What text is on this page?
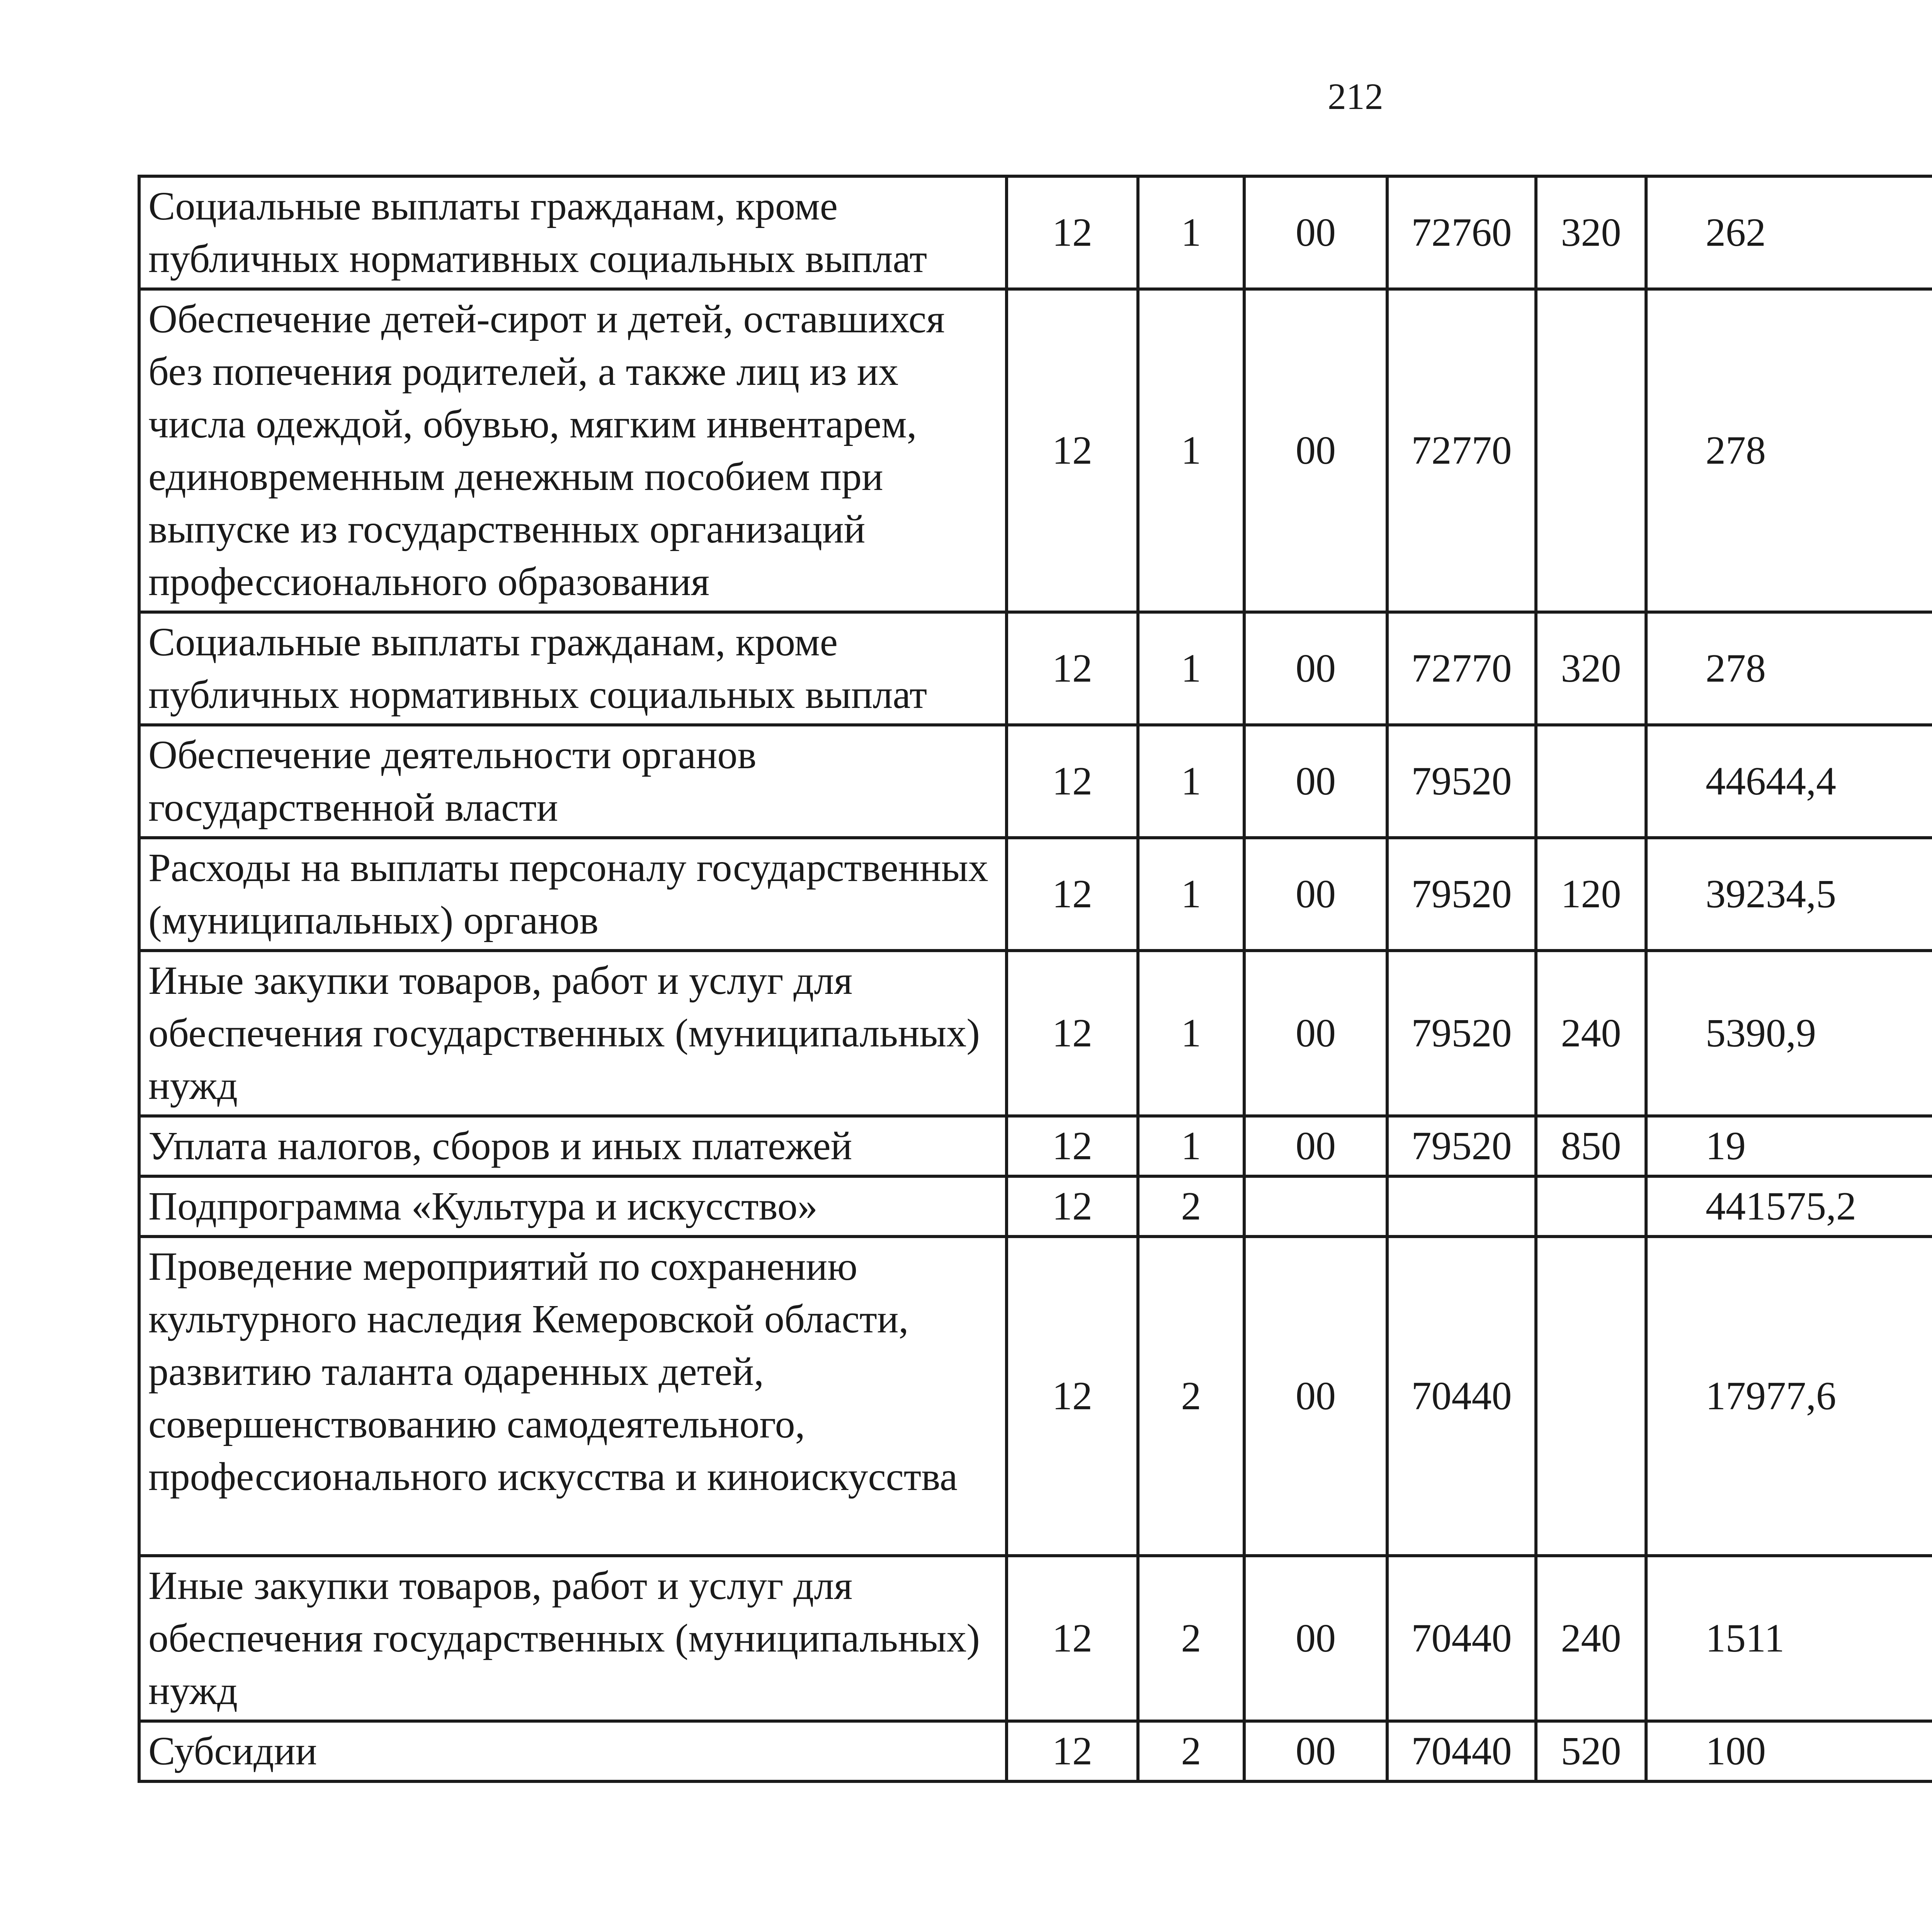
212
Социальные выплаты гражданам, кроме публичных нормативных социальных выплат	12	1	00	72760	320	262		
Обеспечение детей-сирот и детей, оставшихся без попечения родителей, а также лиц из их числа одеждой, обувью, мягким инвентарем, единовременным денежным пособием при выпуске из государственных организаций профессионального образования	12	1	00	72770		278		
Социальные выплаты гражданам, кроме публичных нормативных социальных выплат	12	1	00	72770	320	278		
Обеспечение деятельности органов государственной власти	12	1	00	79520		44644,4		
Расходы на выплаты персоналу государственных (муниципальных) органов	12	1	00	79520	120	39234,5		
Иные закупки товаров, работ и услуг для обеспечения государственных (муниципальных) нужд	12	1	00	79520	240	5390,9		
Уплата налогов, сборов и иных платежей	12	1	00	79520	850	19		
Подпрограмма «Культура и искусство»	12	2				441575,2		
Проведение мероприятий по сохранению культурного наследия Кемеровской области, развитию таланта одаренных детей, совершенствованию самодеятельного, профессионального искусства и киноискусства	12	2	00	70440		17977,6		
Иные закупки товаров, работ и услуг для обеспечения государственных (муниципальных) нужд	12	2	00	70440	240	1511		
Субсидии	12	2	00	70440	520	100		
